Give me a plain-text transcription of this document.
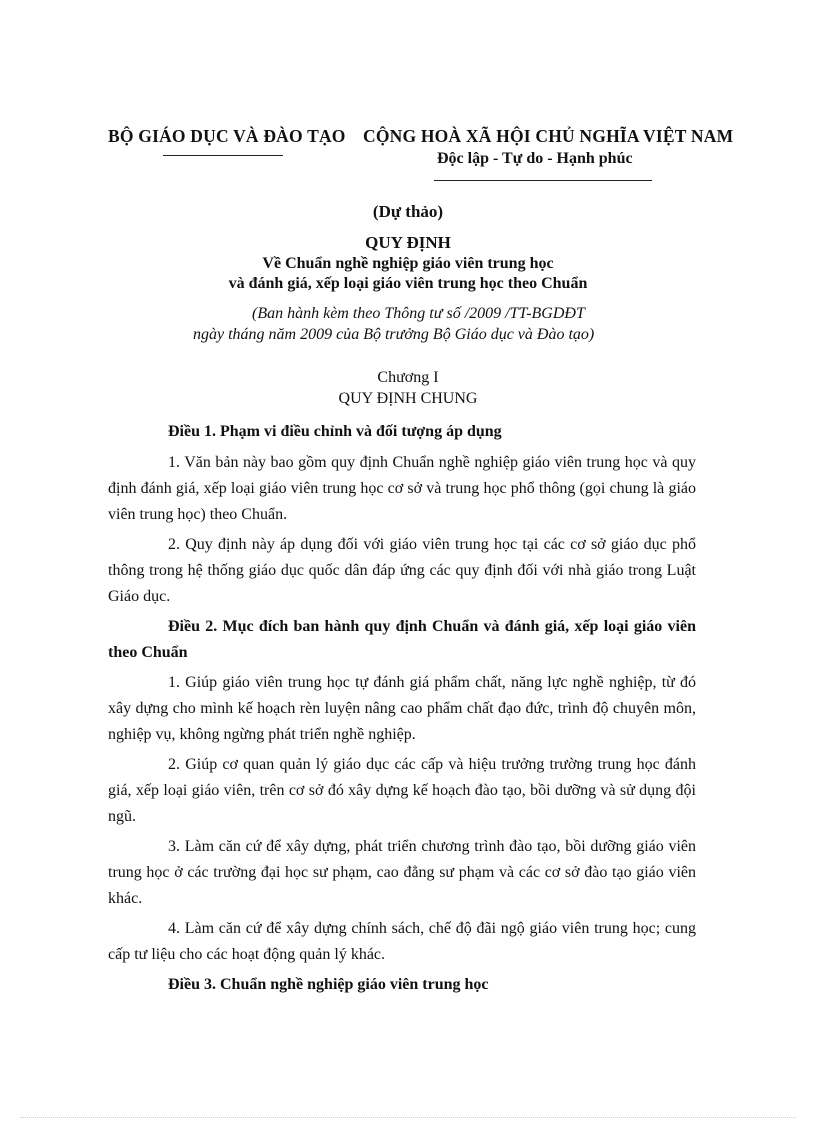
BỘ GIÁO DỤC VÀ ĐÀO TẠO CỘNG HOÀ XÃ HỘI CHỦ NGHĨA VIỆT NAM
Độc lập - Tự do - Hạnh phúc
(Dự thảo)
QUY ĐỊNH
Về Chuẩn nghề nghiệp giáo viên trung học
và đánh giá, xếp loại giáo viên trung học theo Chuẩn
(Ban hành kèm theo Thông tư số /2009 /TT-BGDĐT
ngày tháng năm 2009 của Bộ trưởng Bộ Giáo dục và Đào tạo)
Chương I
QUY ĐỊNH CHUNG
Điều 1. Phạm vi điều chỉnh và đối tượng áp dụng
1. Văn bản này bao gồm quy định Chuẩn nghề nghiệp giáo viên trung học và quy định đánh giá, xếp loại giáo viên trung học cơ sở và trung học phổ thông (gọi chung là giáo viên trung học) theo Chuẩn.
2. Quy định này áp dụng đối với giáo viên trung học tại các cơ sở giáo dục phổ thông trong hệ thống giáo dục quốc dân đáp ứng các quy định đối với nhà giáo trong Luật Giáo dục.
Điều 2. Mục đích ban hành quy định Chuẩn và đánh giá, xếp loại giáo viên theo Chuẩn
1. Giúp giáo viên trung học tự đánh giá phẩm chất, năng lực nghề nghiệp, từ đó xây dựng cho mình kế hoạch rèn luyện nâng cao phẩm chất đạo đức, trình độ chuyên môn, nghiệp vụ, không ngừng phát triển nghề nghiệp.
2. Giúp cơ quan quản lý giáo dục các cấp và hiệu trưởng trường trung học đánh giá, xếp loại giáo viên, trên cơ sở đó xây dựng kế hoạch đào tạo, bồi dưỡng và sử dụng đội ngũ.
3. Làm căn cứ để xây dựng, phát triển chương trình đào tạo, bồi dưỡng giáo viên trung học ở các trường đại học sư phạm, cao đẳng sư phạm và các cơ sở đào tạo giáo viên khác.
4. Làm căn cứ để xây dựng chính sách, chế độ đãi ngộ giáo viên trung học; cung cấp tư liệu cho các hoạt động quản lý khác.
Điều 3. Chuẩn nghề nghiệp giáo viên trung học
